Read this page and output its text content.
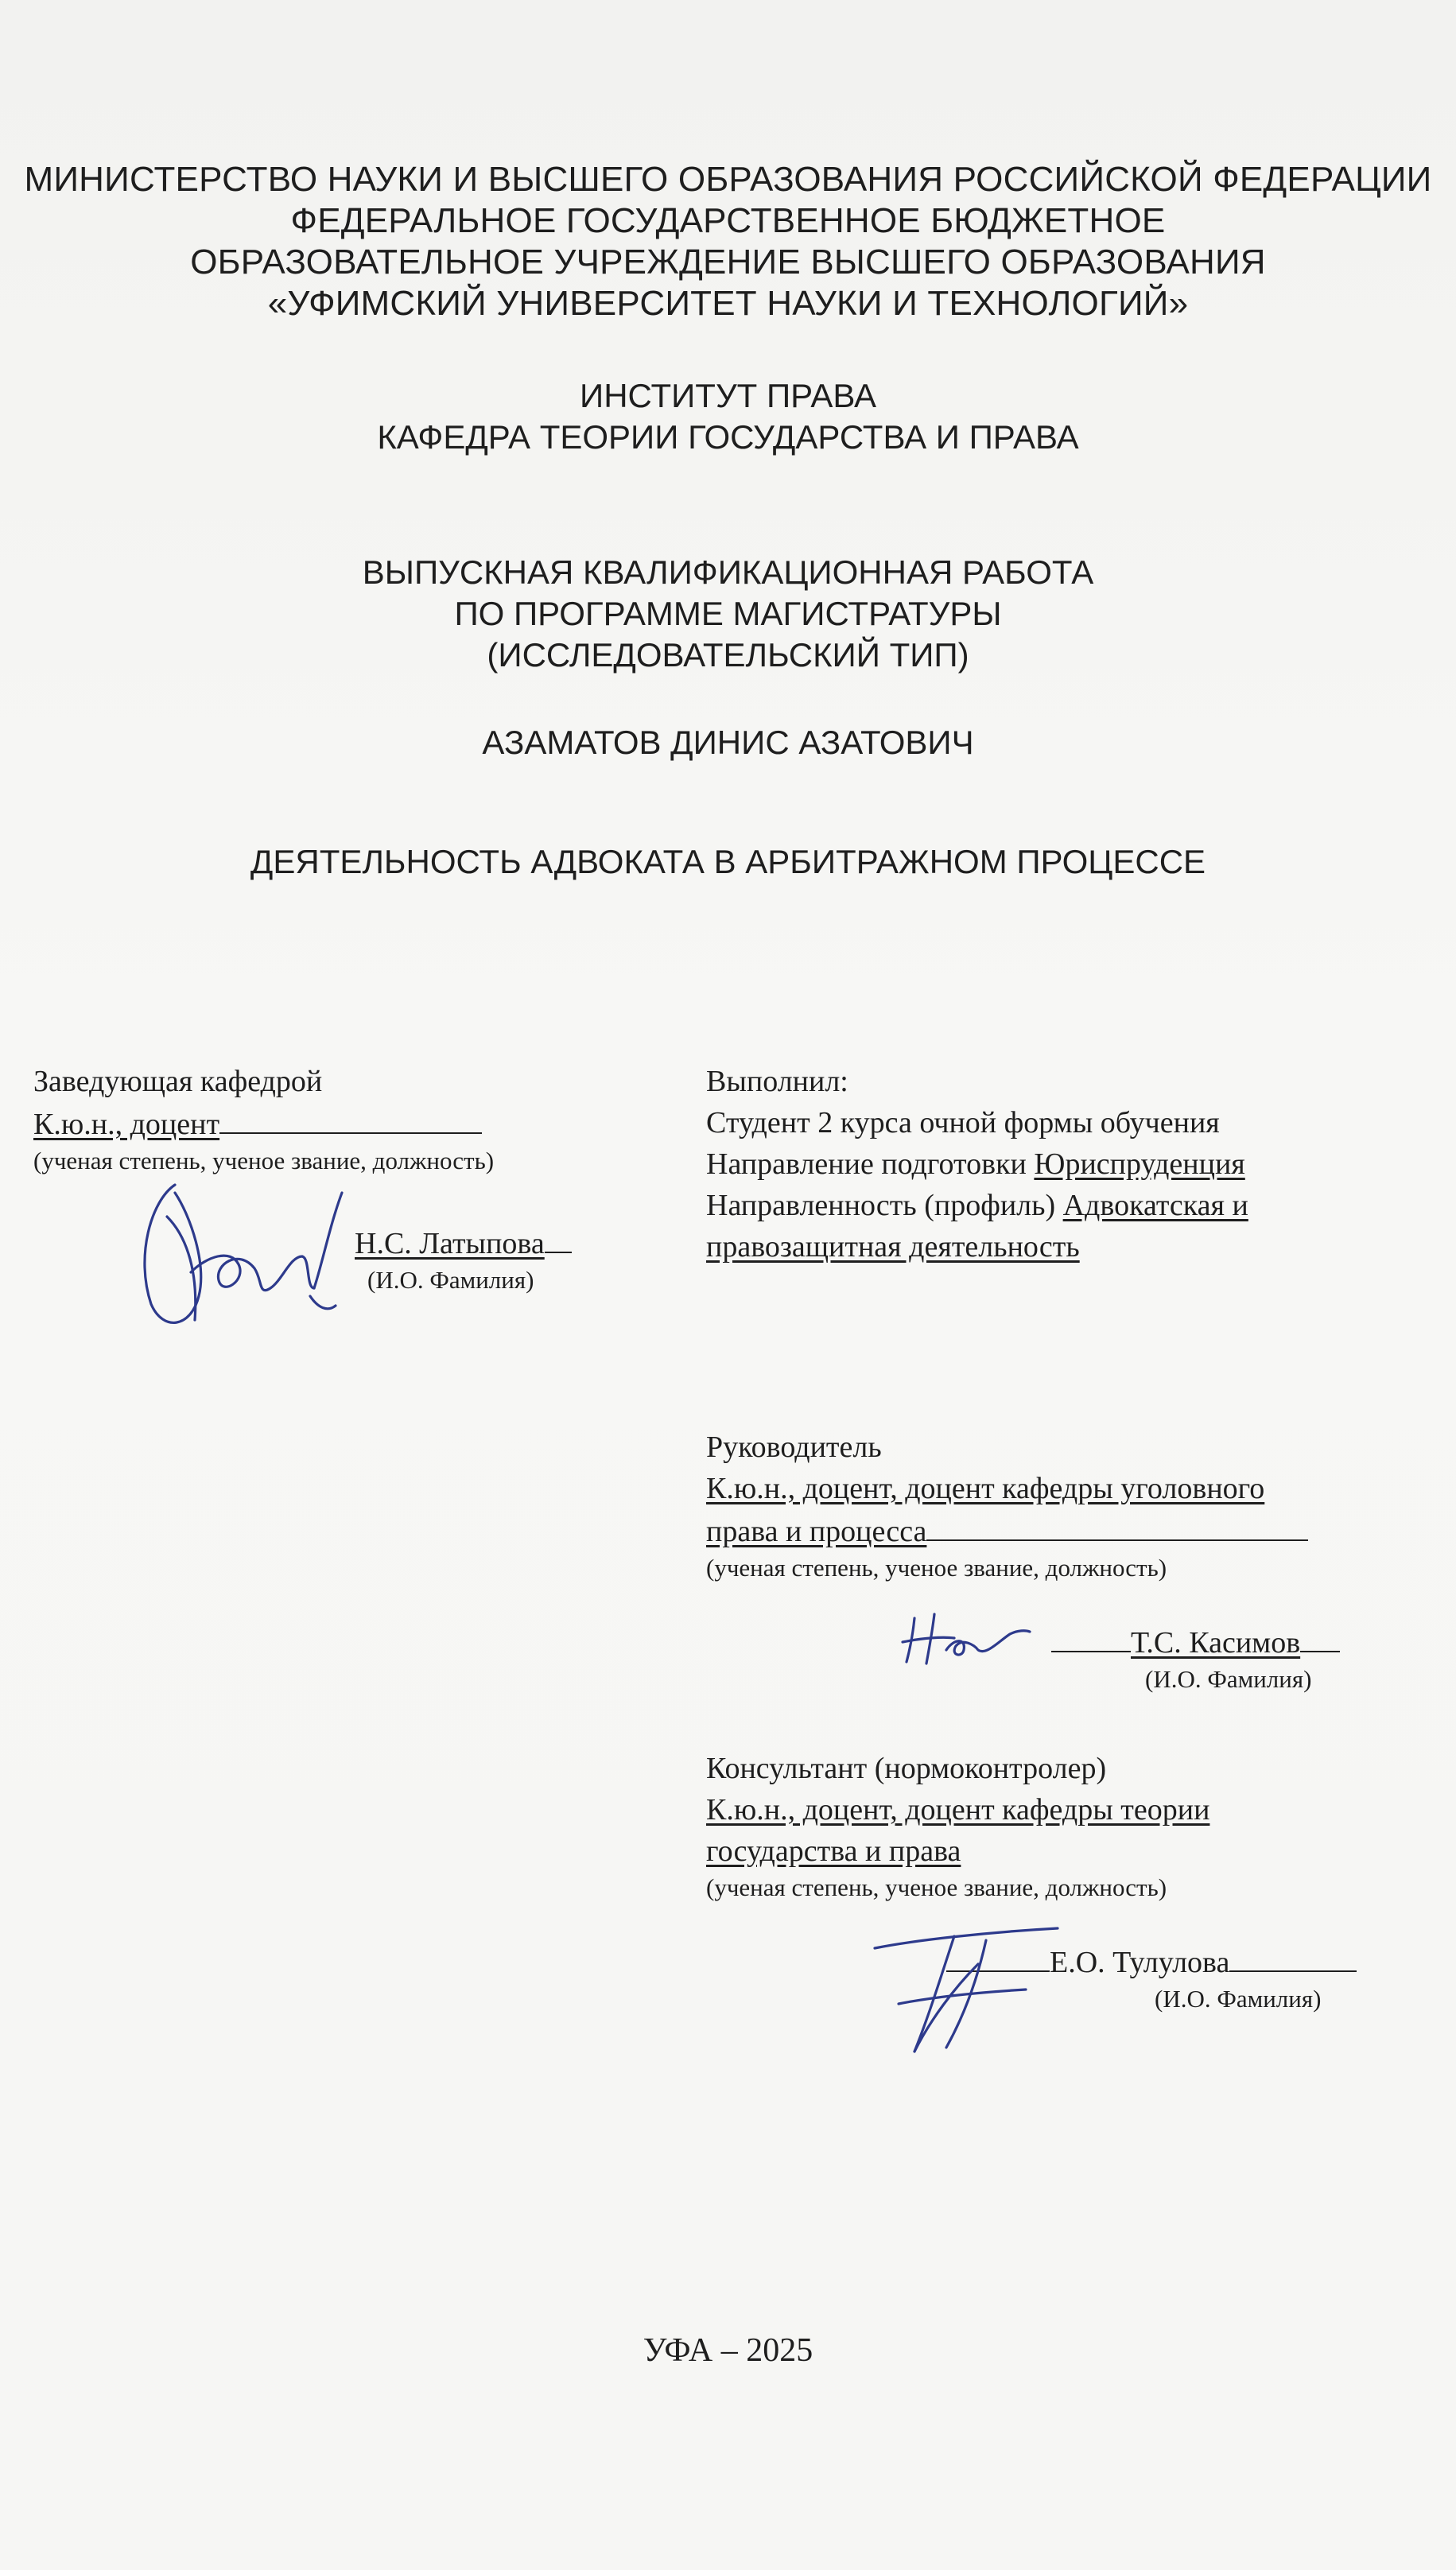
МИНИСТЕРСТВО НАУКИ И ВЫСШЕГО ОБРАЗОВАНИЯ РОССИЙСКОЙ ФЕДЕРАЦИИ
ФЕДЕРАЛЬНОЕ ГОСУДАРСТВЕННОЕ БЮДЖЕТНОЕ
ОБРАЗОВАТЕЛЬНОЕ УЧРЕЖДЕНИЕ ВЫСШЕГО ОБРАЗОВАНИЯ
«УФИМСКИЙ УНИВЕРСИТЕТ НАУКИ И ТЕХНОЛОГИЙ»
ИНСТИТУТ ПРАВА
КАФЕДРА ТЕОРИИ ГОСУДАРСТВА И ПРАВА
ВЫПУСКНАЯ КВАЛИФИКАЦИОННАЯ РАБОТА
ПО ПРОГРАММЕ МАГИСТРАТУРЫ
(ИССЛЕДОВАТЕЛЬСКИЙ ТИП)
АЗАМАТОВ ДИНИС АЗАТОВИЧ
ДЕЯТЕЛЬНОСТЬ АДВОКАТА В АРБИТРАЖНОМ ПРОЦЕССЕ
Заведующая кафедрой
К.ю.н., доцент
(ученая степень, ученое звание, должность)
Н.С. Латыпова
(И.О. Фамилия)
Выполнил:
Студент 2 курса очной формы обучения
Направление подготовки Юриспруденция
Направленность (профиль) Адвокатская и
правозащитная деятельность
Руководитель
К.ю.н., доцент, доцент кафедры уголовного
права и процесса
(ученая степень, ученое звание, должность)
Т.С. Касимов
(И.О. Фамилия)
Консультант (нормоконтролер)
К.ю.н., доцент, доцент кафедры теории
государства и права
(ученая степень, ученое звание, должность)
Е.О. Тулулова
(И.О. Фамилия)
УФА – 2025
